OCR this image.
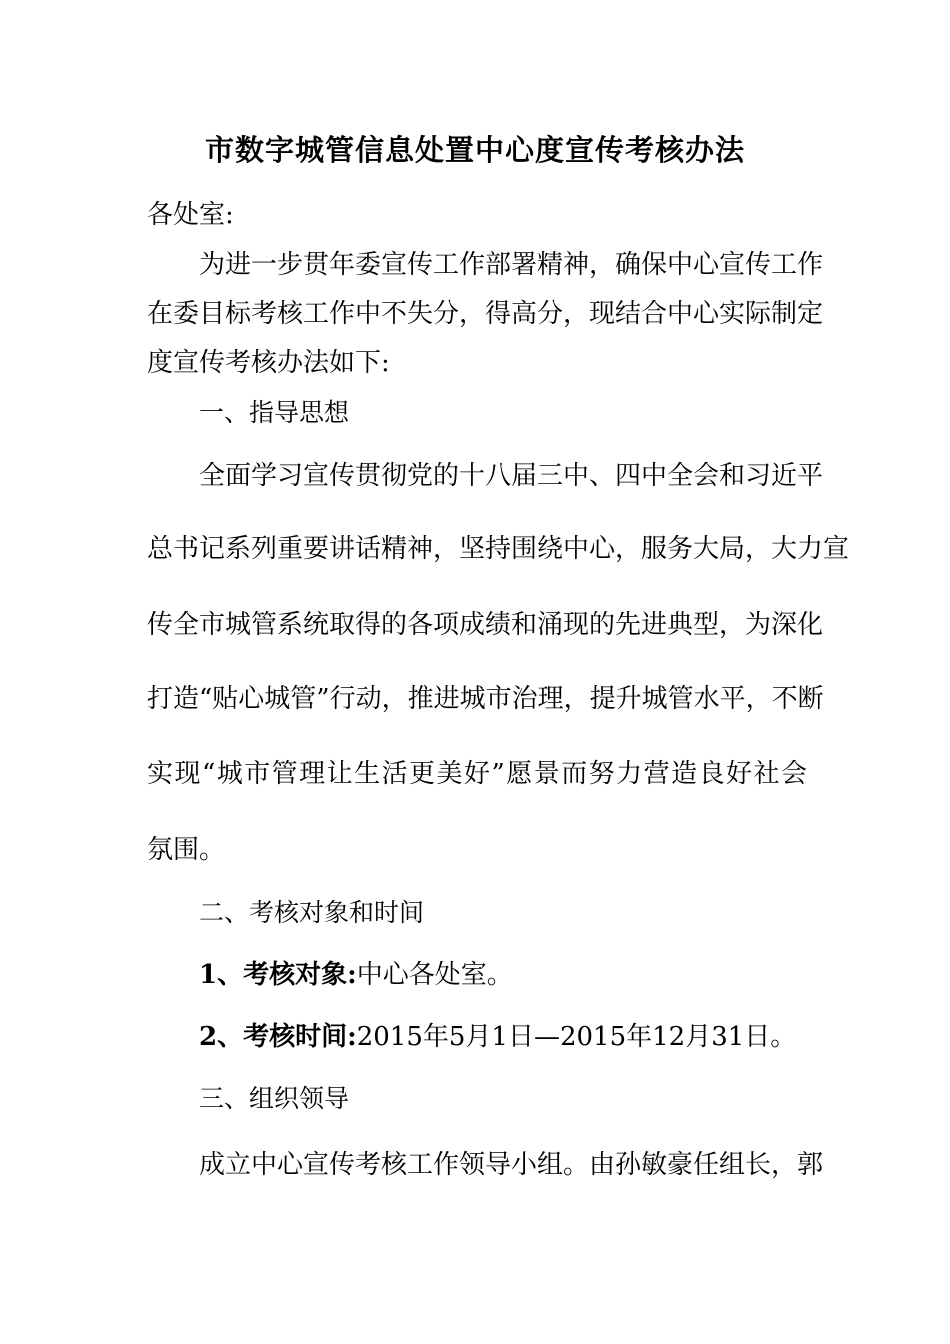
市数字城管信息处置中心度宣传考核办法
各处室:
为进一步贯年委宣传工作部署精神，确保中心宣传工作
在委目标考核工作中不失分，得高分，现结合中心实际制定
度宣传考核办法如下:
一、指导思想
全面学习宣传贯彻党的十八届三中、四中全会和习近平
总书记系列重要讲话精神，坚持围绕中心，服务大局，大力宣
传全市城管系统取得的各项成绩和涌现的先进典型，为深化
打造“贴心城管”行动，推进城市治理，提升城管水平，不断
实现“城市管理让生活更美好”愿景而努力营造良好社会
氛围。
二、考核对象和时间
1、考核对象:中心各处室。
2、考核时间:2015年5月1日—2015年12月31日。
三、组织领导
成立中心宣传考核工作领导小组。由孙敏豪任组长，郭
